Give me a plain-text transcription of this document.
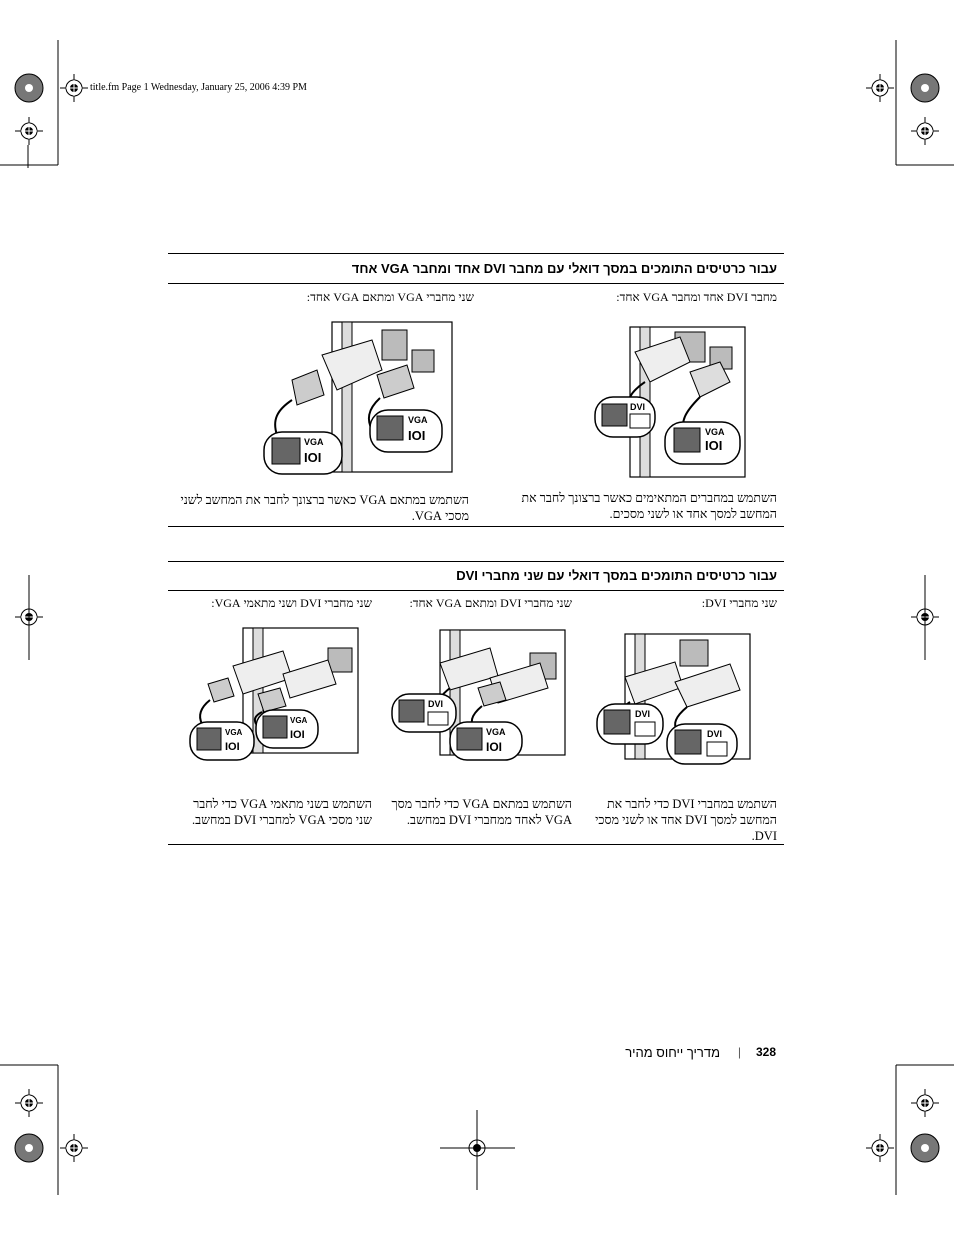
title.fm Page 1 Wednesday, January 25, 2006 4:39 PM
עבור כרטיסים התומכים במסך דואלי עם מחבר DVI אחד ומחבר VGA אחד
מחבר DVI אחד ומחבר VGA אחד:
שני מחברי VGA ומתאם VGA אחד:
DVI
VGA
IOI
VGA
IOI
VGA
IOI
השתמש במחברים המתאימים כאשר ברצונך לחבר את המחשב למסך אחד או לשני מסכים.
השתמש במתאם VGA כאשר ברצונך לחבר את המחשב לשני מסכי VGA.
עבור כרטיסים התומכים במסך דואלי עם שני מחברי DVI
שני מחברי DVI:
שני מחברי DVI ומתאם VGA אחד:
שני מחברי DVI ושני מתאמי VGA:
DVI
DVI
DVI
VGA
IOI
VGA
IOI
VGA
IOI
השתמש במחברי DVI כדי לחבר את המחשב למסך DVI אחד או לשני מסכי DVI.
השתמש במתאם VGA כדי לחבר מסך VGA לאחד ממחברי DVI במחשב.
השתמש בשני מתאמי VGA כדי לחבר שני מסכי VGA למחברי DVI במחשב.
328
|
מדריך ייחוס מהיר
